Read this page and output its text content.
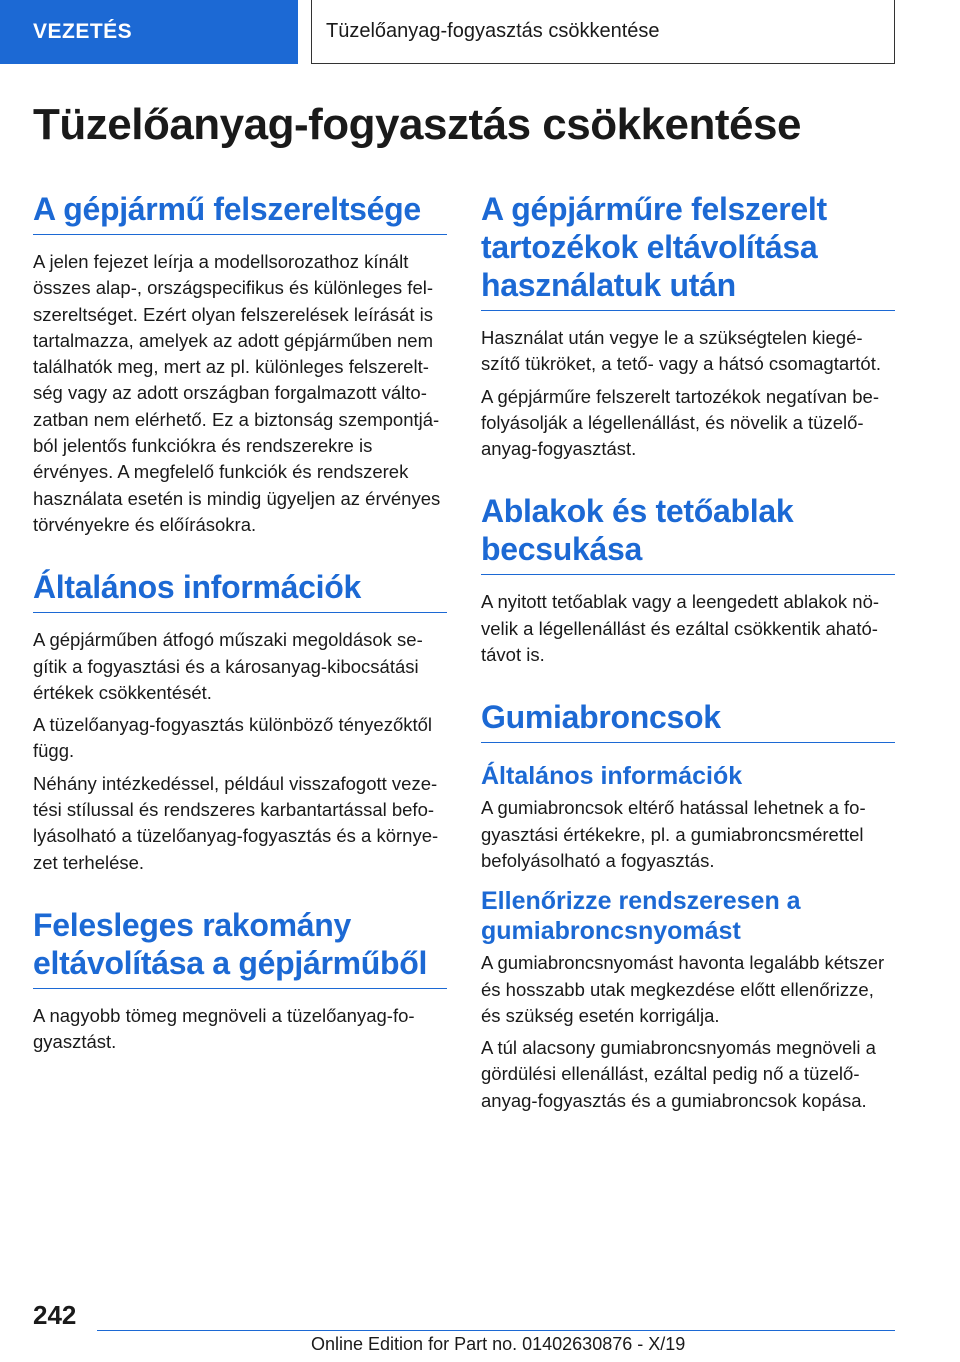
VEZETÉS	Tüzelőanyag-fogyasztás csökkentése
Tüzelőanyag-fogyasztás csökkentése
A gépjármű felszereltsége

A jelen fejezet leírja a modellsorozathoz kínált összes alap-, országspecifikus és különleges felszereltséget. Ezért olyan felszerelések leírását is tartalmazza, amelyek az adott gépjárműben nem találhatók meg, mert az pl. különleges felszereltség vagy az adott országban forgalmazott változatban nem elérhető. Ez a biztonság szempontjából jelentős funkciókra és rendszerekre is érvényes. A megfelelő funkciók és rendszerek használata esetén is mindig ügyeljen az érvényes törvényekre és előírásokra.

Általános információk

A gépjárműben átfogó műszaki megoldások segítik a fogyasztási és a károsanyag-kibocsátási értékek csökkentését.

A tüzelőanyag-fogyasztás különböző tényezőktől függ.

Néhány intézkedéssel, például visszafogott vezetési stílussal és rendszeres karbantartással befolyásolható a tüzelőanyag-fogyasztás és a környezet terhelése.

Felesleges rakomány eltávolítása a gépjárműből

A nagyobb tömeg megnöveli a tüzelőanyag-fogyasztást.

A gépjárműre felszerelt tartozékok eltávolítása használatuk után

Használat után vegye le a szükségtelen kiegészítő tükröket, a tető- vagy a hátsó csomagtartót.

A gépjárműre felszerelt tartozékok negatívan befolyásolják a légellenállást, és növelik a tüzelőanyag-fogyasztást.

Ablakok és tetőablak becsukása

A nyitott tetőablak vagy a leengedett ablakok növelik a légellenállást és ezáltal csökkentik ahatótávot is.

Gumiabroncsok
Általános információk

A gumiabroncsok eltérő hatással lehetnek a fogyasztási értékekre, pl. a gumiabroncsmérettel befolyásolható a fogyasztás.

Ellenőrizze rendszeresen a gumiabroncsnyomást

A gumiabroncsnyomást havonta legalább kétszer és hosszabb utak megkezdése előtt ellenőrizze, és szükség esetén korrigálja.

A túl alacsony gumiabroncsnyomás megnöveli a gördülési ellenállást, ezáltal pedig nő a tüzelőanyag-fogyasztás és a gumiabroncsok kopása.

242
Online Edition for Part no. 01402630876 - X/19
